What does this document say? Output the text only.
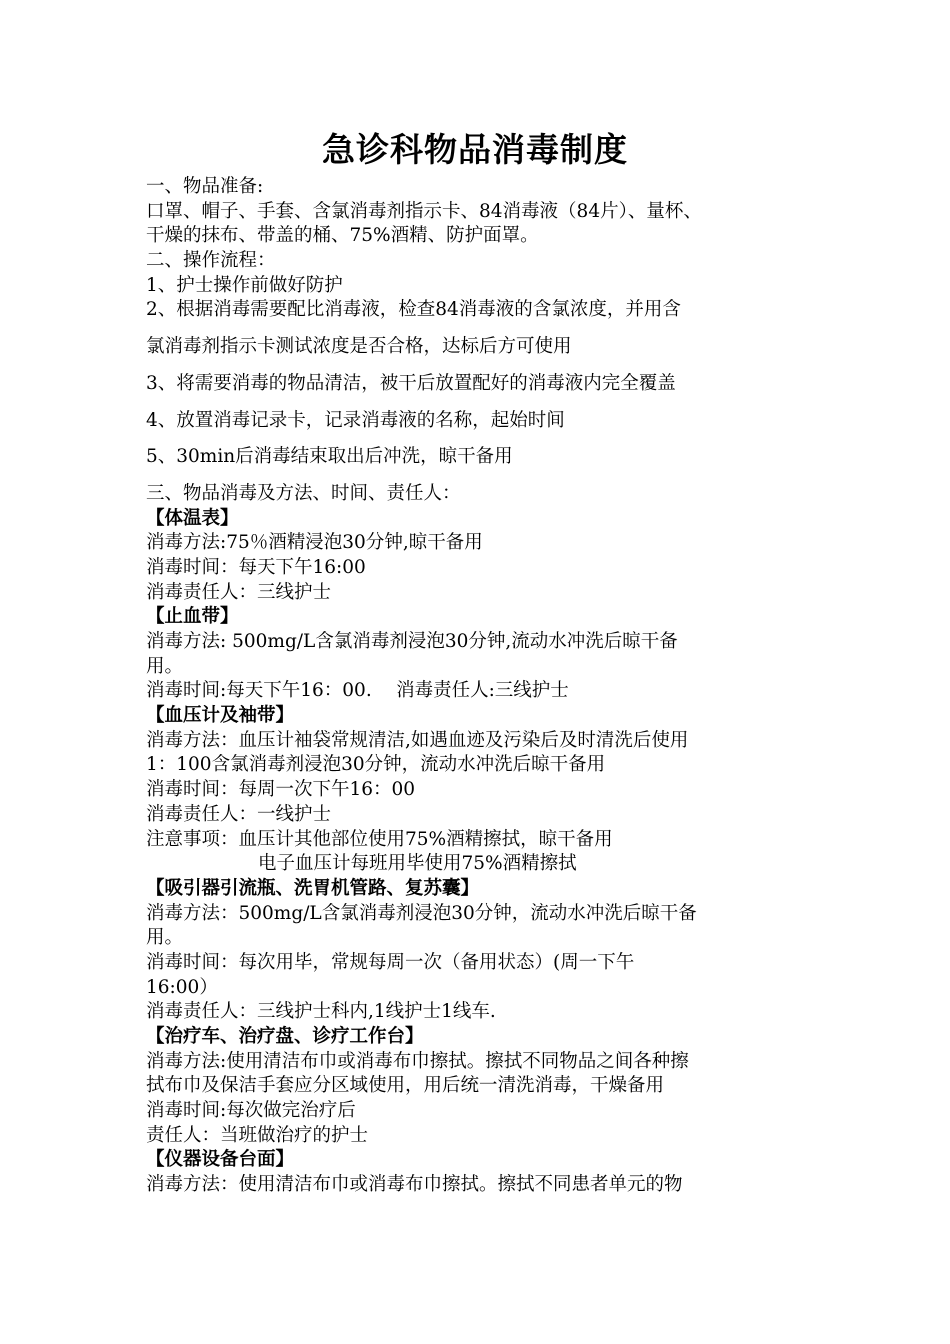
急诊科物品消毒制度
一、物品准备:
口罩、帽子、手套、含氯消毒剂指示卡、84消毒液（84片）、量杯、
干燥的抹布、带盖的桶、75%酒精、防护面罩。
二、操作流程：
1、护士操作前做好防护
2、根据消毒需要配比消毒液，检查84消毒液的含氯浓度，并用含
氯消毒剂指示卡测试浓度是否合格，达标后方可使用
3、将需要消毒的物品清洁，被干后放置配好的消毒液内完全覆盖
4、放置消毒记录卡，记录消毒液的名称，起始时间
5、30min后消毒结束取出后冲洗，晾干备用
三、物品消毒及方法、时间、责任人：
【体温表】
消毒方法:75％酒精浸泡30分钟,晾干备用
消毒时间：每天下午16:00
消毒责任人：三线护士
【止血带】
消毒方法: 500mg/L含氯消毒剂浸泡30分钟,流动水冲洗后晾干备
用。
消毒时间:每天下午16：00.　 消毒责任人:三线护士
【血压计及袖带】
消毒方法：血压计袖袋常规清洁,如遇血迹及污染后及时清洗后使用
1：100含氯消毒剂浸泡30分钟，流动水冲洗后晾干备用
消毒时间：每周一次下午16：00
消毒责任人：一线护士
注意事项：血压计其他部位使用75%酒精擦拭，晾干备用
电子血压计每班用毕使用75%酒精擦拭
【吸引器引流瓶、洗胃机管路、复苏囊】
消毒方法：500mg/L含氯消毒剂浸泡30分钟，流动水冲洗后晾干备
用。
消毒时间：每次用毕，常规每周一次（备用状态）(周一下午
16:00）
消毒责任人：三线护士科内,1线护士1线车.
【治疗车、治疗盘、诊疗工作台】
消毒方法:使用清洁布巾或消毒布巾擦拭。擦拭不同物品之间各种擦
拭布巾及保洁手套应分区域使用，用后统一清洗消毒，干燥备用
消毒时间:每次做完治疗后
责任人：当班做治疗的护士
【仪器设备台面】
消毒方法：使用清洁布巾或消毒布巾擦拭。擦拭不同患者单元的物
